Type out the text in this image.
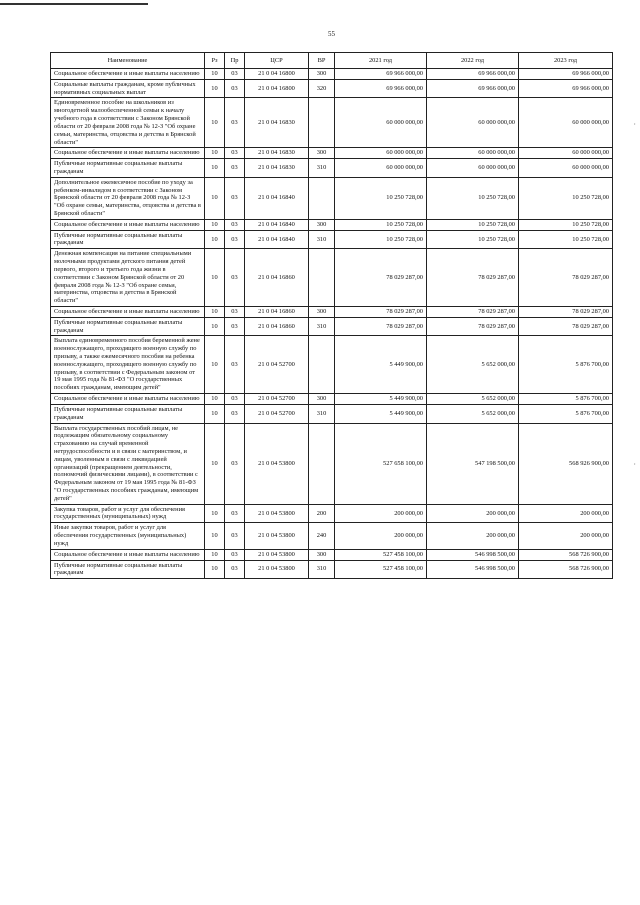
55
Наименование	Рз	Пр	ЦСР	ВР	2021 год	2022 год	2023 год
Социальное обеспечение и иные выплаты населению	10	03	21 0 04 16800	300	69 966 000,00	69 966 000,00	69 966 000,00
Социальные выплаты гражданам, кроме публичных нормативных социальных выплат	10	03	21 0 04 16800	320	69 966 000,00	69 966 000,00	69 966 000,00
Единовременное пособие на школьников из многодетной малообеспеченной семьи к началу учебного года в соответствии с Законом Брянской области от 20 февраля 2008 года № 12-З "Об охране семьи, материнства, отцовства и детства в Брянской области"	10	03	21 0 04 16830		60 000 000,00	60 000 000,00	60 000 000,00
Социальное обеспечение и иные выплаты населению	10	03	21 0 04 16830	300	60 000 000,00	60 000 000,00	60 000 000,00
Публичные нормативные социальные выплаты гражданам	10	03	21 0 04 16830	310	60 000 000,00	60 000 000,00	60 000 000,00
Дополнительное ежемесячное пособие по уходу за ребенком-инвалидом в соответствии с Законом Брянской области от 20 февраля 2008 года № 12-З "Об охране семьи, материнства, отцовства и детства в Брянской области"	10	03	21 0 04 16840		10 250 728,00	10 250 728,00	10 250 728,00
Социальное обеспечение и иные выплаты населению	10	03	21 0 04 16840	300	10 250 728,00	10 250 728,00	10 250 728,00
Публичные нормативные социальные выплаты гражданам	10	03	21 0 04 16840	310	10 250 728,00	10 250 728,00	10 250 728,00
Денежная компенсация на питание специальными молочными продуктами детского питания детей первого, второго и третьего года жизни в соответствии с Законом Брянской области от 20 февраля 2008 года № 12-З "Об охране семьи, материнства, отцовства и детства в Брянской области"	10	03	21 0 04 16860		78 029 287,00	78 029 287,00	78 029 287,00
Социальное обеспечение и иные выплаты населению	10	03	21 0 04 16860	300	78 029 287,00	78 029 287,00	78 029 287,00
Публичные нормативные социальные выплаты гражданам	10	03	21 0 04 16860	310	78 029 287,00	78 029 287,00	78 029 287,00
Выплата единовременного пособия беременной жене военнослужащего, проходящего военную службу по призыву, а также ежемесячного пособия на ребенка военнослужащего, проходящего военную службу по призыву, в соответствии с Федеральным законом от 19 мая 1995 года № 81-ФЗ "О государственных пособиях гражданам, имеющим детей"	10	03	21 0 04 52700		5 449 900,00	5 652 000,00	5 876 700,00
Социальное обеспечение и иные выплаты населению	10	03	21 0 04 52700	300	5 449 900,00	5 652 000,00	5 876 700,00
Публичные нормативные социальные выплаты гражданам	10	03	21 0 04 52700	310	5 449 900,00	5 652 000,00	5 876 700,00
Выплата государственных пособий лицам, не подлежащим обязательному социальному страхованию на случай временной нетрудоспособности и в связи с материнством, и лицам, уволенным в связи с ликвидацией организаций (прекращением деятельности, полномочий физическими лицами), в соответствии с Федеральным законом от 19 мая 1995 года № 81-ФЗ "О государственных пособиях гражданам, имеющим детей"	10	03	21 0 04 53800		527 658 100,00	547 198 500,00	568 926 900,00
Закупка товаров, работ и услуг для обеспечения государственных (муниципальных) нужд	10	03	21 0 04 53800	200	200 000,00	200 000,00	200 000,00
Иные закупки товаров, работ и услуг для обеспечения государственных (муниципальных) нужд	10	03	21 0 04 53800	240	200 000,00	200 000,00	200 000,00
Социальное обеспечение и иные выплаты населению	10	03	21 0 04 53800	300	527 458 100,00	546 998 500,00	568 726 900,00
Публичные нормативные социальные выплаты гражданам	10	03	21 0 04 53800	310	527 458 100,00	546 998 500,00	568 726 900,00
·
·
